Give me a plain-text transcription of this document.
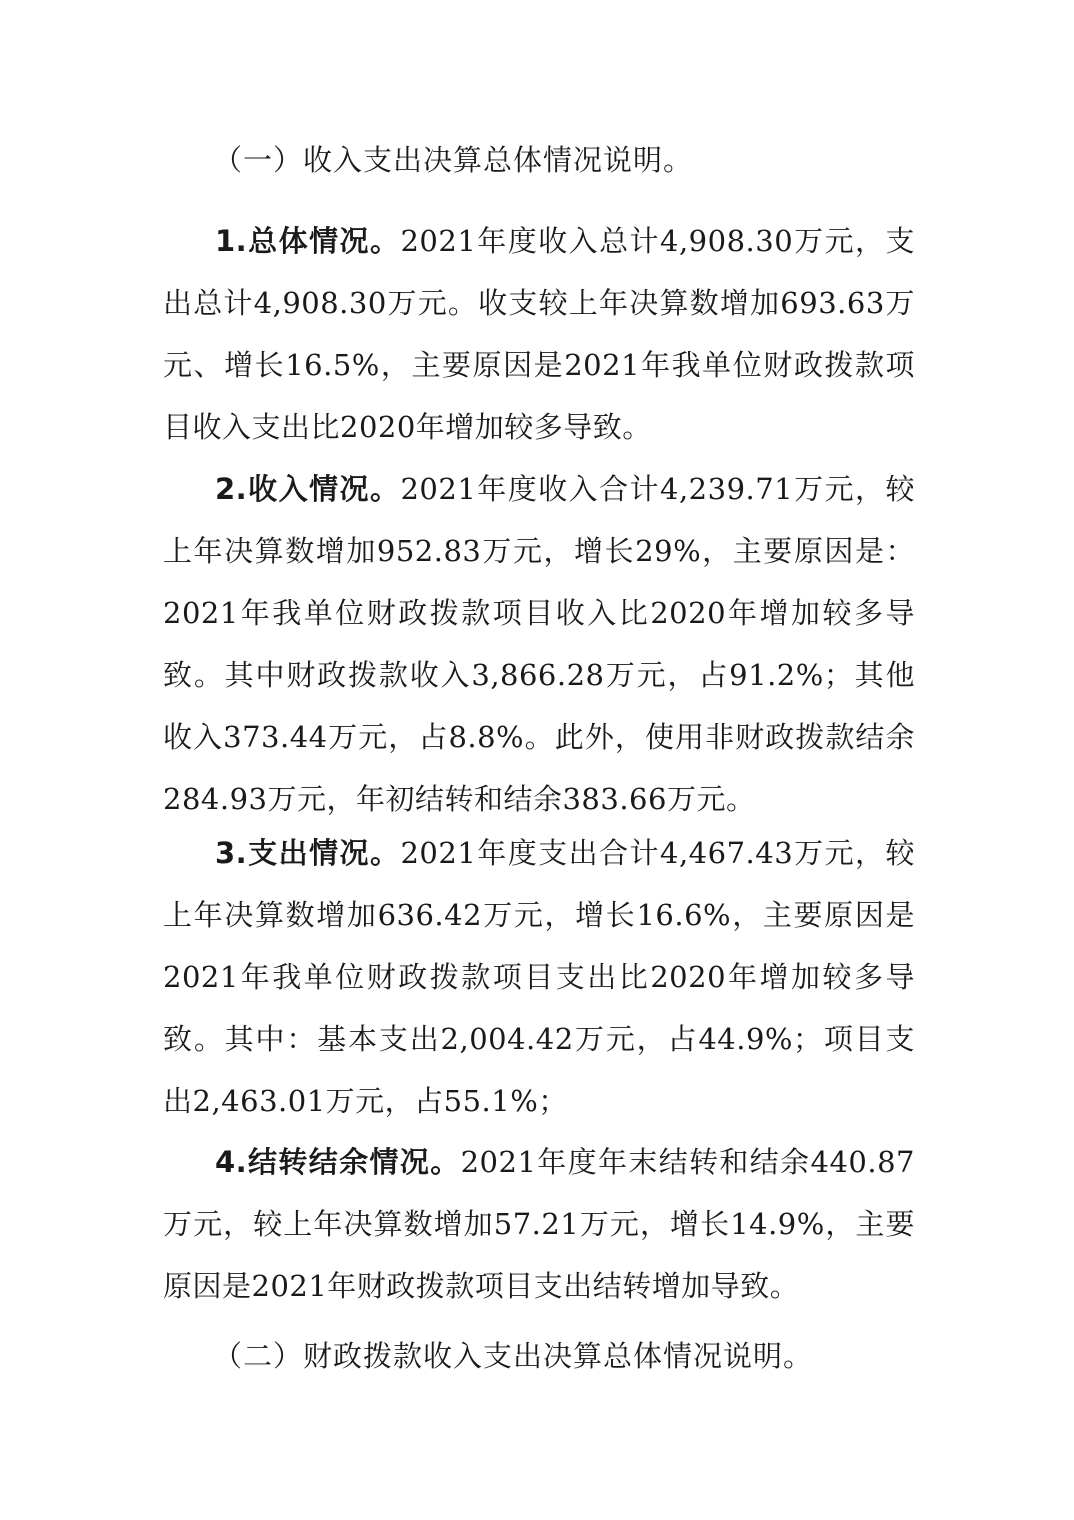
（一）收入支出决算总体情况说明。

1.总体情况。2021年度收入总计4,908.30万元，支出总计4,908.30万元。收支较上年决算数增加693.63万元、增长16.5%，主要原因是2021年我单位财政拨款项目收入支出比2020年增加较多导致。

2.收入情况。2021年度收入合计4,239.71万元，较上年决算数增加952.83万元，增长29%，主要原因是：2021年我单位财政拨款项目收入比2020年增加较多导致。其中财政拨款收入3,866.28万元，占91.2%；其他收入373.44万元，占8.8%。此外，使用非财政拨款结余284.93万元，年初结转和结余383.66万元。

3.支出情况。2021年度支出合计4,467.43万元，较上年决算数增加636.42万元，增长16.6%，主要原因是2021年我单位财政拨款项目支出比2020年增加较多导致。其中：基本支出2,004.42万元，占44.9%；项目支出2,463.01万元，占55.1%；

4.结转结余情况。2021年度年末结转和结余440.87万元，较上年决算数增加57.21万元，增长14.9%，主要原因是2021年财政拨款项目支出结转增加导致。

（二）财政拨款收入支出决算总体情况说明。
